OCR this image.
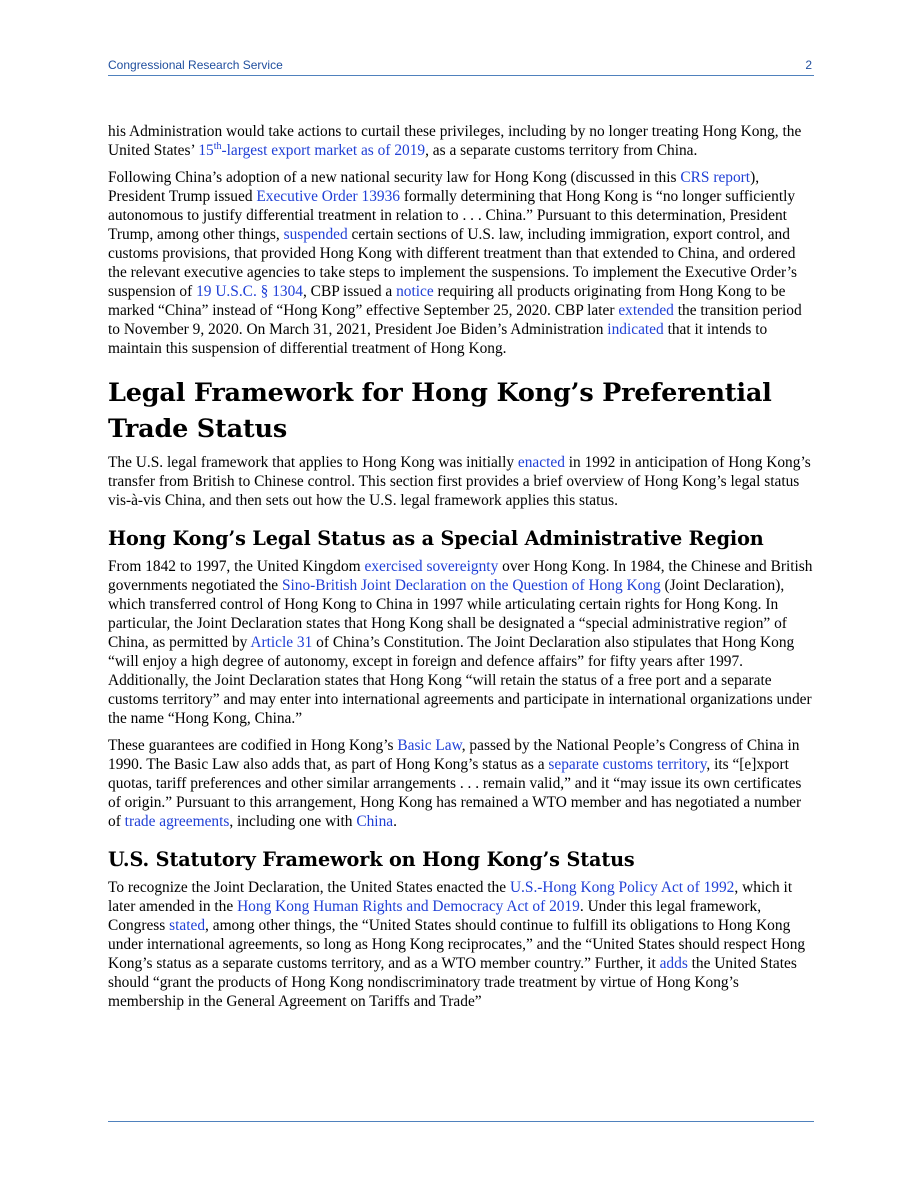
Congressional Research Service	2

his Administration would take actions to curtail these privileges, including by no longer treating Hong Kong, the United States’ 15th-largest export market as of 2019, as a separate customs territory from China.

Following China’s adoption of a new national security law for Hong Kong (discussed in this CRS report), President Trump issued Executive Order 13936 formally determining that Hong Kong is “no longer sufficiently autonomous to justify differential treatment in relation to . . . China.” Pursuant to this determination, President Trump, among other things, suspended certain sections of U.S. law, including immigration, export control, and customs provisions, that provided Hong Kong with different treatment than that extended to China, and ordered the relevant executive agencies to take steps to implement the suspensions. To implement the Executive Order’s suspension of 19 U.S.C. § 1304, CBP issued a notice requiring all products originating from Hong Kong to be marked “China” instead of “Hong Kong” effective September 25, 2020. CBP later extended the transition period to November 9, 2020. On March 31, 2021, President Joe Biden’s Administration indicated that it intends to maintain this suspension of differential treatment of Hong Kong.

Legal Framework for Hong Kong’s Preferential
Trade Status

The U.S. legal framework that applies to Hong Kong was initially enacted in 1992 in anticipation of Hong Kong’s transfer from British to Chinese control. This section first provides a brief overview of Hong Kong’s legal status vis-à-vis China, and then sets out how the U.S. legal framework applies this status.

Hong Kong’s Legal Status as a Special Administrative Region

From 1842 to 1997, the United Kingdom exercised sovereignty over Hong Kong. In 1984, the Chinese and British governments negotiated the Sino-British Joint Declaration on the Question of Hong Kong (Joint Declaration), which transferred control of Hong Kong to China in 1997 while articulating certain rights for Hong Kong. In particular, the Joint Declaration states that Hong Kong shall be designated a “special administrative region” of China, as permitted by Article 31 of China’s Constitution. The Joint Declaration also stipulates that Hong Kong “will enjoy a high degree of autonomy, except in foreign and defence affairs” for fifty years after 1997. Additionally, the Joint Declaration states that Hong Kong “will retain the status of a free port and a separate customs territory” and may enter into international agreements and participate in international organizations under the name “Hong Kong, China.”

These guarantees are codified in Hong Kong’s Basic Law, passed by the National People’s Congress of China in 1990. The Basic Law also adds that, as part of Hong Kong’s status as a separate customs territory, its “[e]xport quotas, tariff preferences and other similar arrangements . . . remain valid,” and it “may issue its own certificates of origin.” Pursuant to this arrangement, Hong Kong has remained a WTO member and has negotiated a number of trade agreements, including one with China.

U.S. Statutory Framework on Hong Kong’s Status

To recognize the Joint Declaration, the United States enacted the U.S.-Hong Kong Policy Act of 1992, which it later amended in the Hong Kong Human Rights and Democracy Act of 2019. Under this legal framework, Congress stated, among other things, the “United States should continue to fulfill its obligations to Hong Kong under international agreements, so long as Hong Kong reciprocates,” and the “United States should respect Hong Kong’s status as a separate customs territory, and as a WTO member country.” Further, it adds the United States should “grant the products of Hong Kong nondiscriminatory trade treatment by virtue of Hong Kong’s membership in the General Agreement on Tariffs and Trade”
